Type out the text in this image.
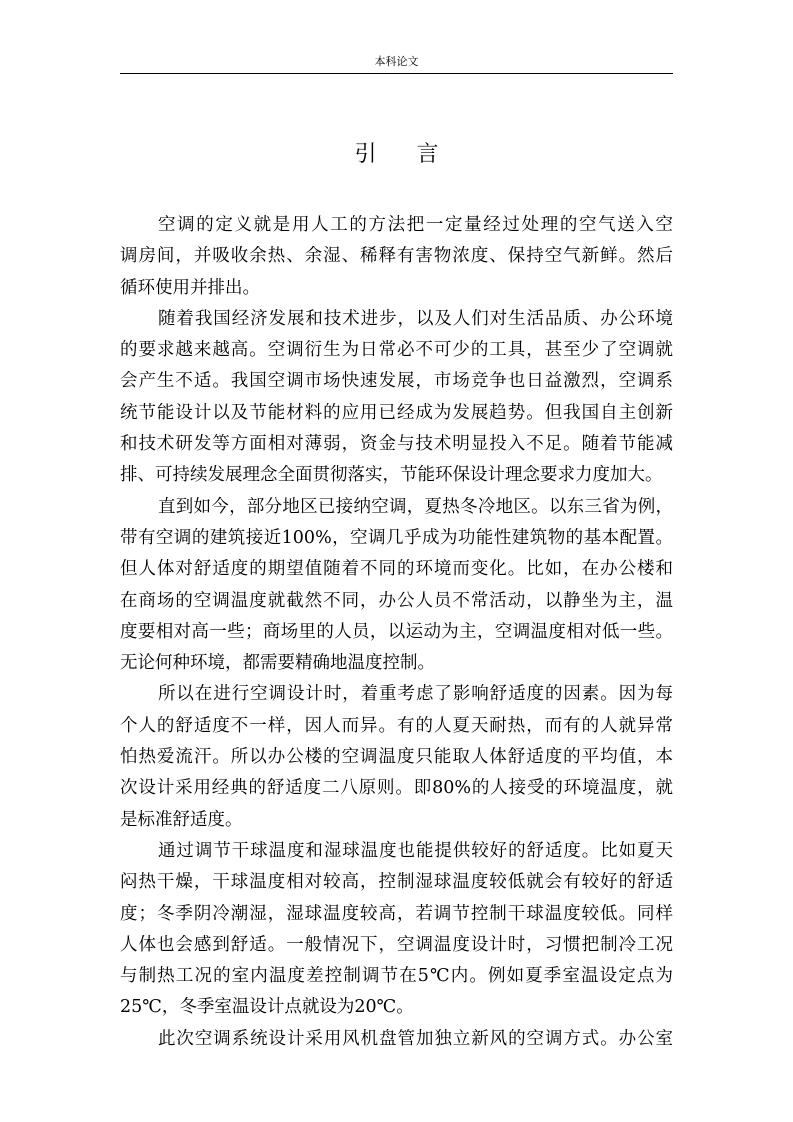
本科论文
引言
空调的定义就是用人工的方法把一定量经过处理的空气送入空
调房间，并吸收余热、余湿、稀释有害物浓度、保持空气新鲜。然后
循环使用并排出。
随着我国经济发展和技术进步，以及人们对生活品质、办公环境
的要求越来越高。空调衍生为日常必不可少的工具，甚至少了空调就
会产生不适。我国空调市场快速发展，市场竞争也日益激烈，空调系
统节能设计以及节能材料的应用已经成为发展趋势。但我国自主创新
和技术研发等方面相对薄弱，资金与技术明显投入不足。随着节能减
排、可持续发展理念全面贯彻落实，节能环保设计理念要求力度加大。
直到如今，部分地区已接纳空调，夏热冬冷地区。以东三省为例，
带有空调的建筑接近100%，空调几乎成为功能性建筑物的基本配置。
但人体对舒适度的期望值随着不同的环境而变化。比如，在办公楼和
在商场的空调温度就截然不同，办公人员不常活动，以静坐为主，温
度要相对高一些；商场里的人员，以运动为主，空调温度相对低一些。
无论何种环境，都需要精确地温度控制。
所以在进行空调设计时，着重考虑了影响舒适度的因素。因为每
个人的舒适度不一样，因人而异。有的人夏天耐热，而有的人就异常
怕热爱流汗。所以办公楼的空调温度只能取人体舒适度的平均值，本
次设计采用经典的舒适度二八原则。即80%的人接受的环境温度，就
是标准舒适度。
通过调节干球温度和湿球温度也能提供较好的舒适度。比如夏天
闷热干燥，干球温度相对较高，控制湿球温度较低就会有较好的舒适
度；冬季阴冷潮湿，湿球温度较高，若调节控制干球温度较低。同样
人体也会感到舒适。一般情况下，空调温度设计时，习惯把制冷工况
与制热工况的室内温度差控制调节在5℃内。例如夏季室温设定点为
25℃，冬季室温设计点就设为20℃。
此次空调系统设计采用风机盘管加独立新风的空调方式。办公室
